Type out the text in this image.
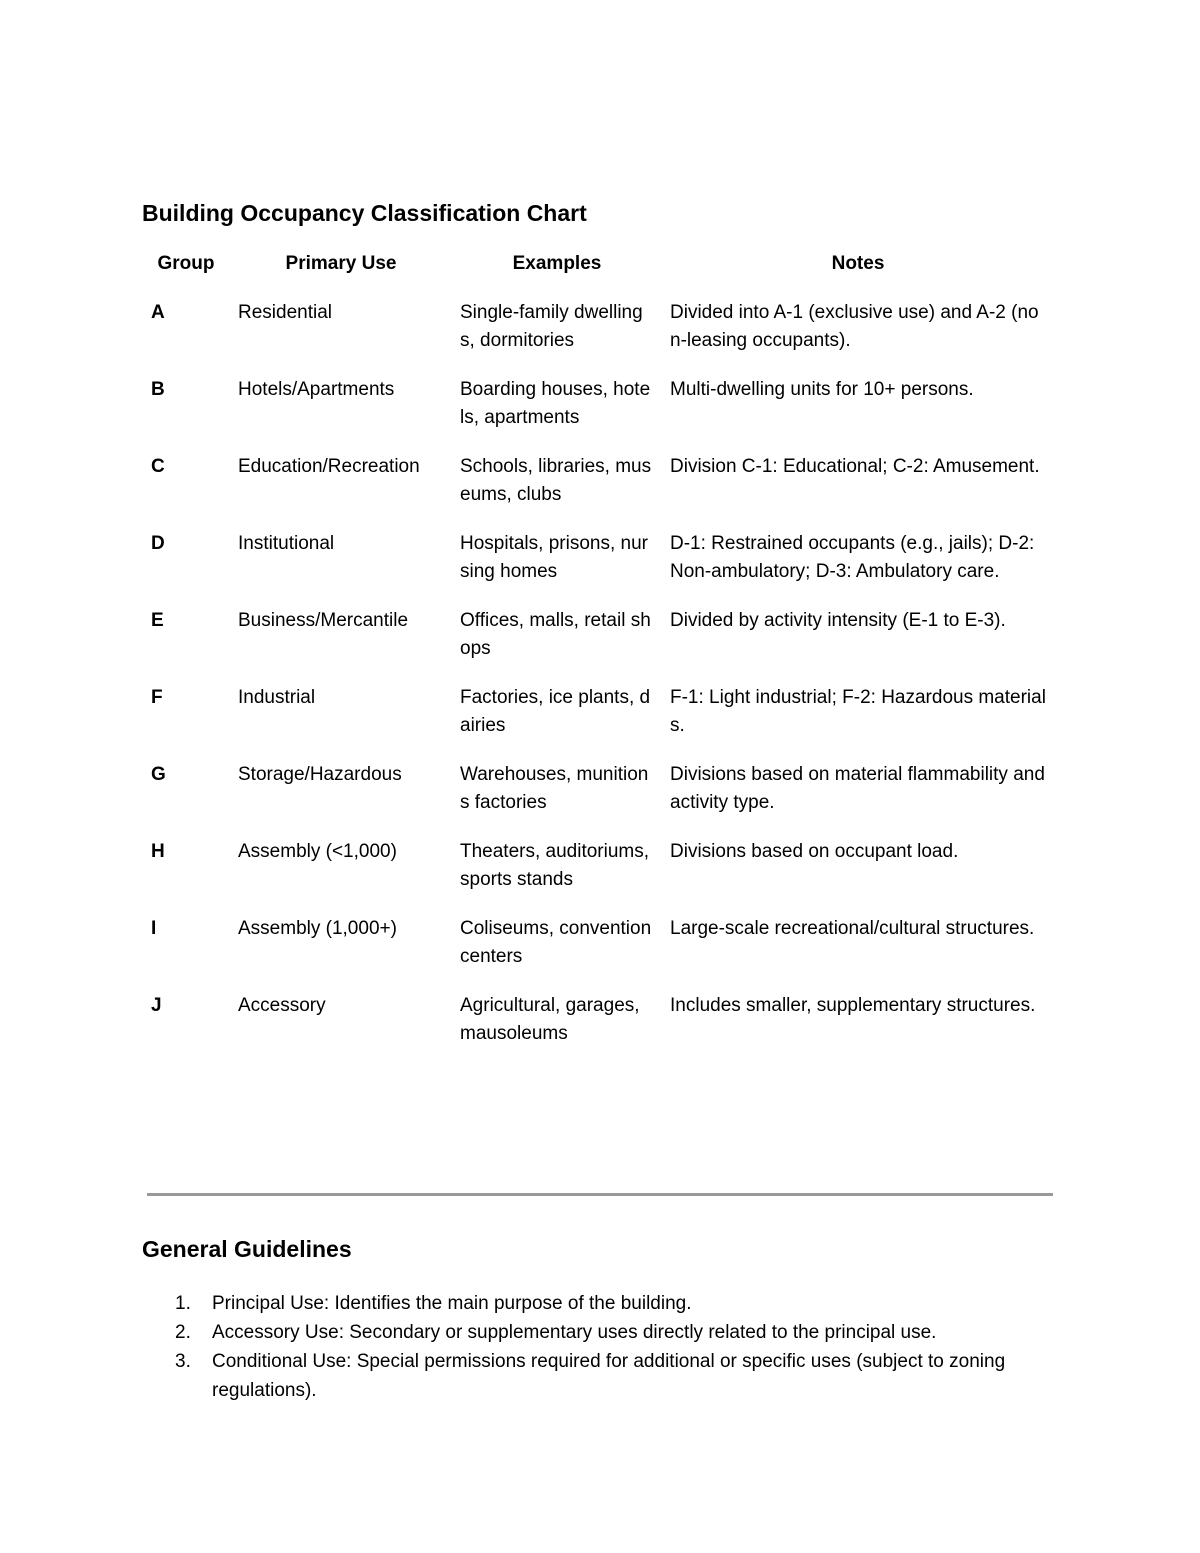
Building Occupancy Classification Chart
Group	Primary Use	Examples	Notes
A	Residential	Single-family dwellings, dormitories	Divided into A-1 (exclusive use) and A-2 (non-leasing occupants).
B	Hotels/Apartments	Boarding houses, hotels, apartments	Multi-dwelling units for 10+ persons.
C	Education/Recreation	Schools, libraries, museums, clubs	Division C-1: Educational; C-2: Amusement.
D	Institutional	Hospitals, prisons, nursing homes	D-1: Restrained occupants (e.g., jails); D-2: Non-ambulatory; D-3: Ambulatory care.
E	Business/Mercantile	Offices, malls, retail shops	Divided by activity intensity (E-1 to E-3).
F	Industrial	Factories, ice plants, dairies	F-1: Light industrial; F-2: Hazardous materials.
G	Storage/Hazardous	Warehouses, munitions factories	Divisions based on material flammability and activity type.
H	Assembly (<1,000)	Theaters, auditoriums, sports stands	Divisions based on occupant load.
I	Assembly (1,000+)	Coliseums, convention centers	Large-scale recreational/cultural structures.
J	Accessory	Agricultural, garages, mausoleums	Includes smaller, supplementary structures.
General Guidelines
1. Principal Use: Identifies the main purpose of the building.
2. Accessory Use: Secondary or supplementary uses directly related to the principal use.
3. Conditional Use: Special permissions required for additional or specific uses (subject to zoning regulations).
